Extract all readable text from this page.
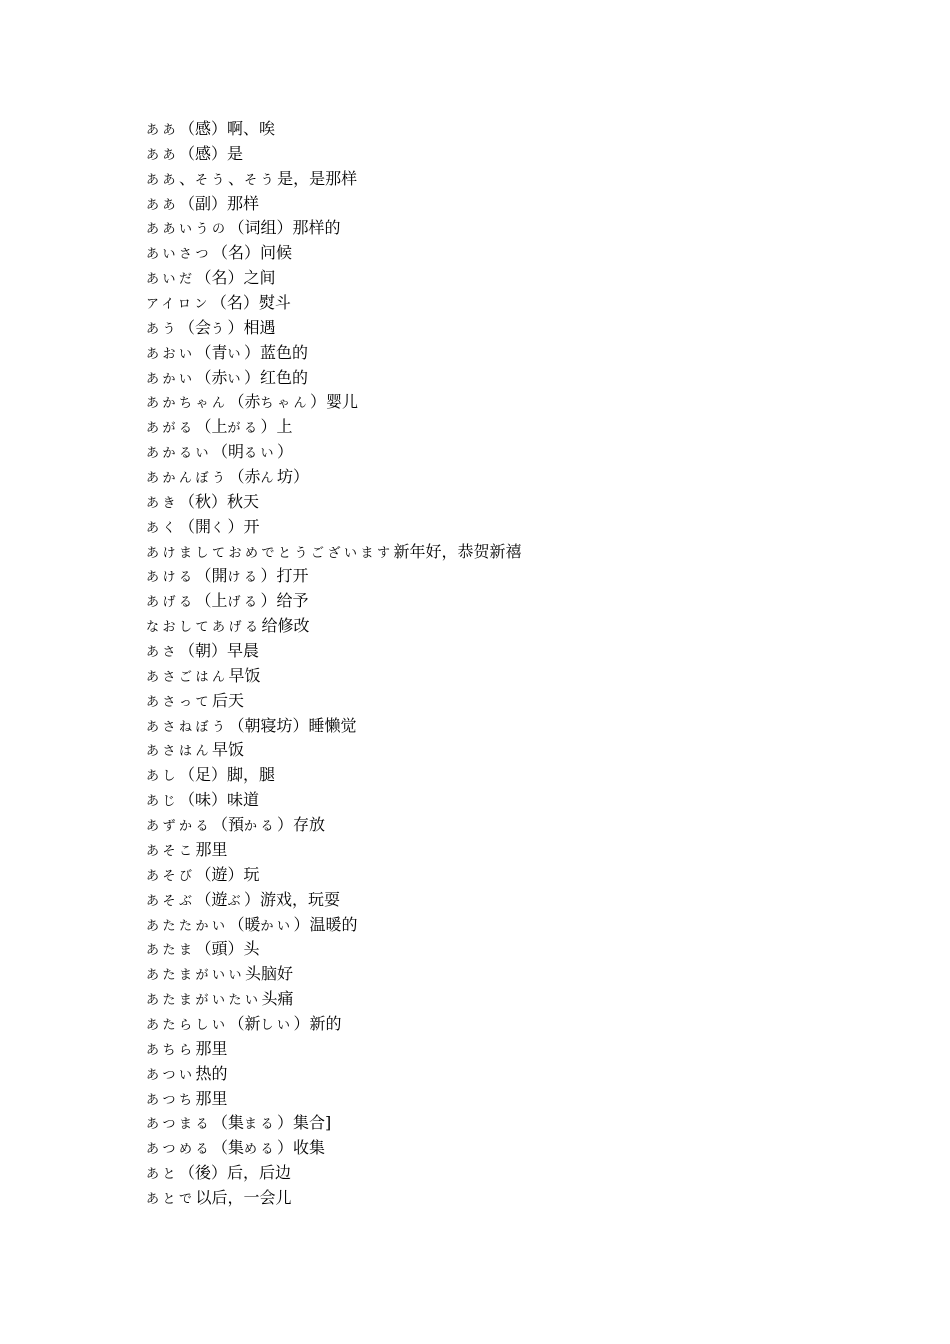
ああ（感）啊、唉
ああ（感）是
ああ、そう、そう是，是那样
ああ（副）那样
ああいうの（词组）那样的
あいさつ（名）问候
あいだ（名）之间
アイロン（名）熨斗
あう（会う）相遇
あおい（青い）蓝色的
あかい（赤い）红色的
あかちゃん（赤ちゃん）婴儿
あがる（上がる）上
あかるい（明るい）
あかんぼう（赤ん坊）
あき（秋）秋天
あく（開く）开
あけましておめでとうございます新年好，恭贺新禧
あける（開ける）打开
あげる（上げる）给予
なおしてあげる给修改
あさ（朝）早晨
あさごはん早饭
あさって后天
あさねぼう（朝寝坊）睡懒觉
あさはん早饭
あし（足）脚，腿
あじ（味）味道
あずかる（預かる）存放
あそこ那里
あそび（遊）玩
あそぶ（遊ぶ）游戏，玩耍
あたたかい（暖かい）温暖的
あたま（頭）头
あたまがいい头脑好
あたまがいたい头痛
あたらしい（新しい）新的
あちら那里
あつい热的
あつち那里
あつまる（集まる）集合]
あつめる（集める）收集
あと（後）后，后边
あとで以后，一会儿
